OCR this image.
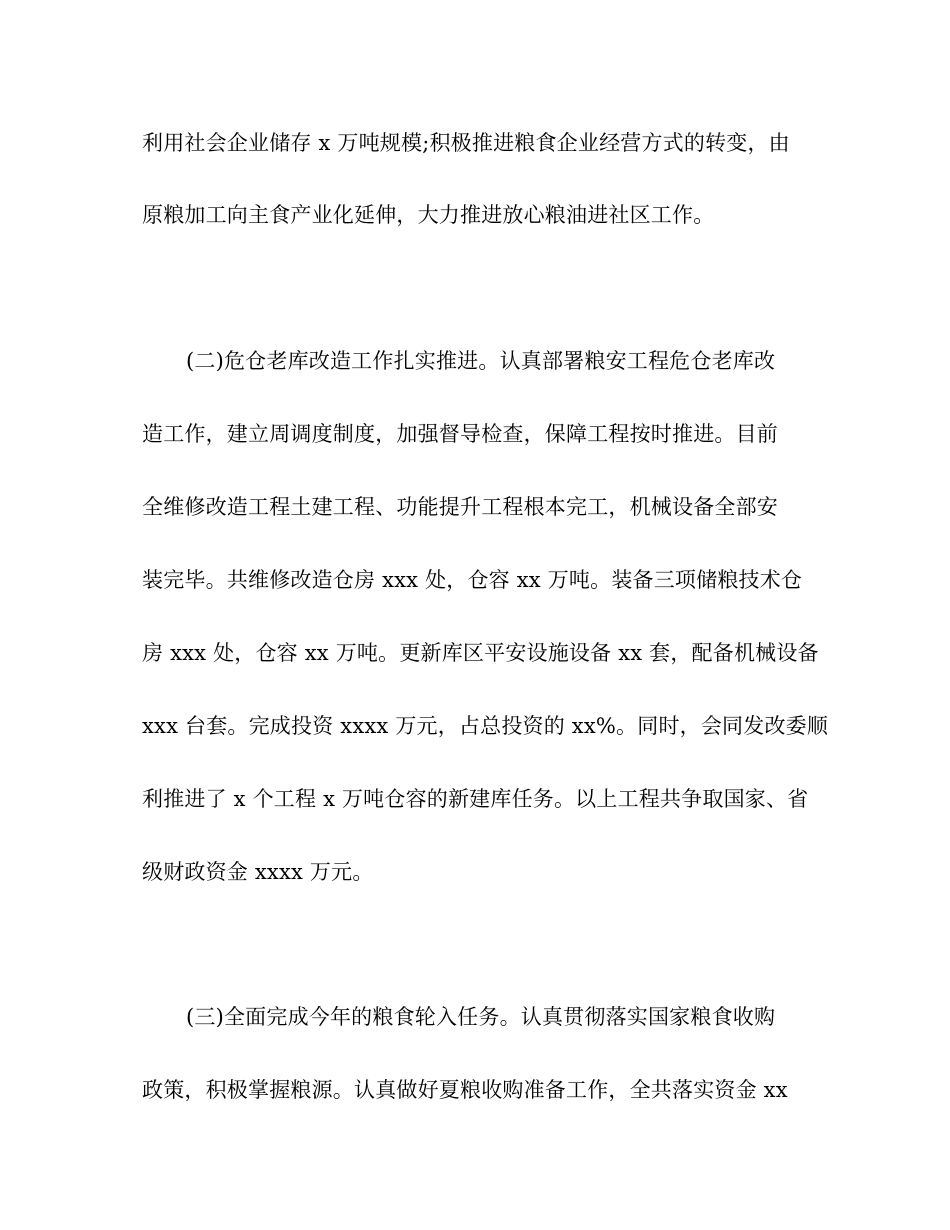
利用社会企业储存 x 万吨规模;积极推进粮食企业经营方式的转变，由
原粮加工向主食产业化延伸，大力推进放心粮油进社区工作。
(二)危仓老库改造工作扎实推进。认真部署粮安工程危仓老库改
造工作，建立周调度制度，加强督导检查，保障工程按时推进。目前
全维修改造工程土建工程、功能提升工程根本完工，机械设备全部安
装完毕。共维修改造仓房 xxx 处，仓容 xx 万吨。装备三项储粮技术仓
房 xxx 处，仓容 xx 万吨。更新库区平安设施设备 xx 套，配备机械设备
xxx 台套。完成投资 xxxx 万元，占总投资的 xx%。同时，会同发改委顺
利推进了 x 个工程 x 万吨仓容的新建库任务。以上工程共争取国家、省
级财政资金 xxxx 万元。
(三)全面完成今年的粮食轮入任务。认真贯彻落实国家粮食收购
政策，积极掌握粮源。认真做好夏粮收购准备工作，全共落实资金 xx
